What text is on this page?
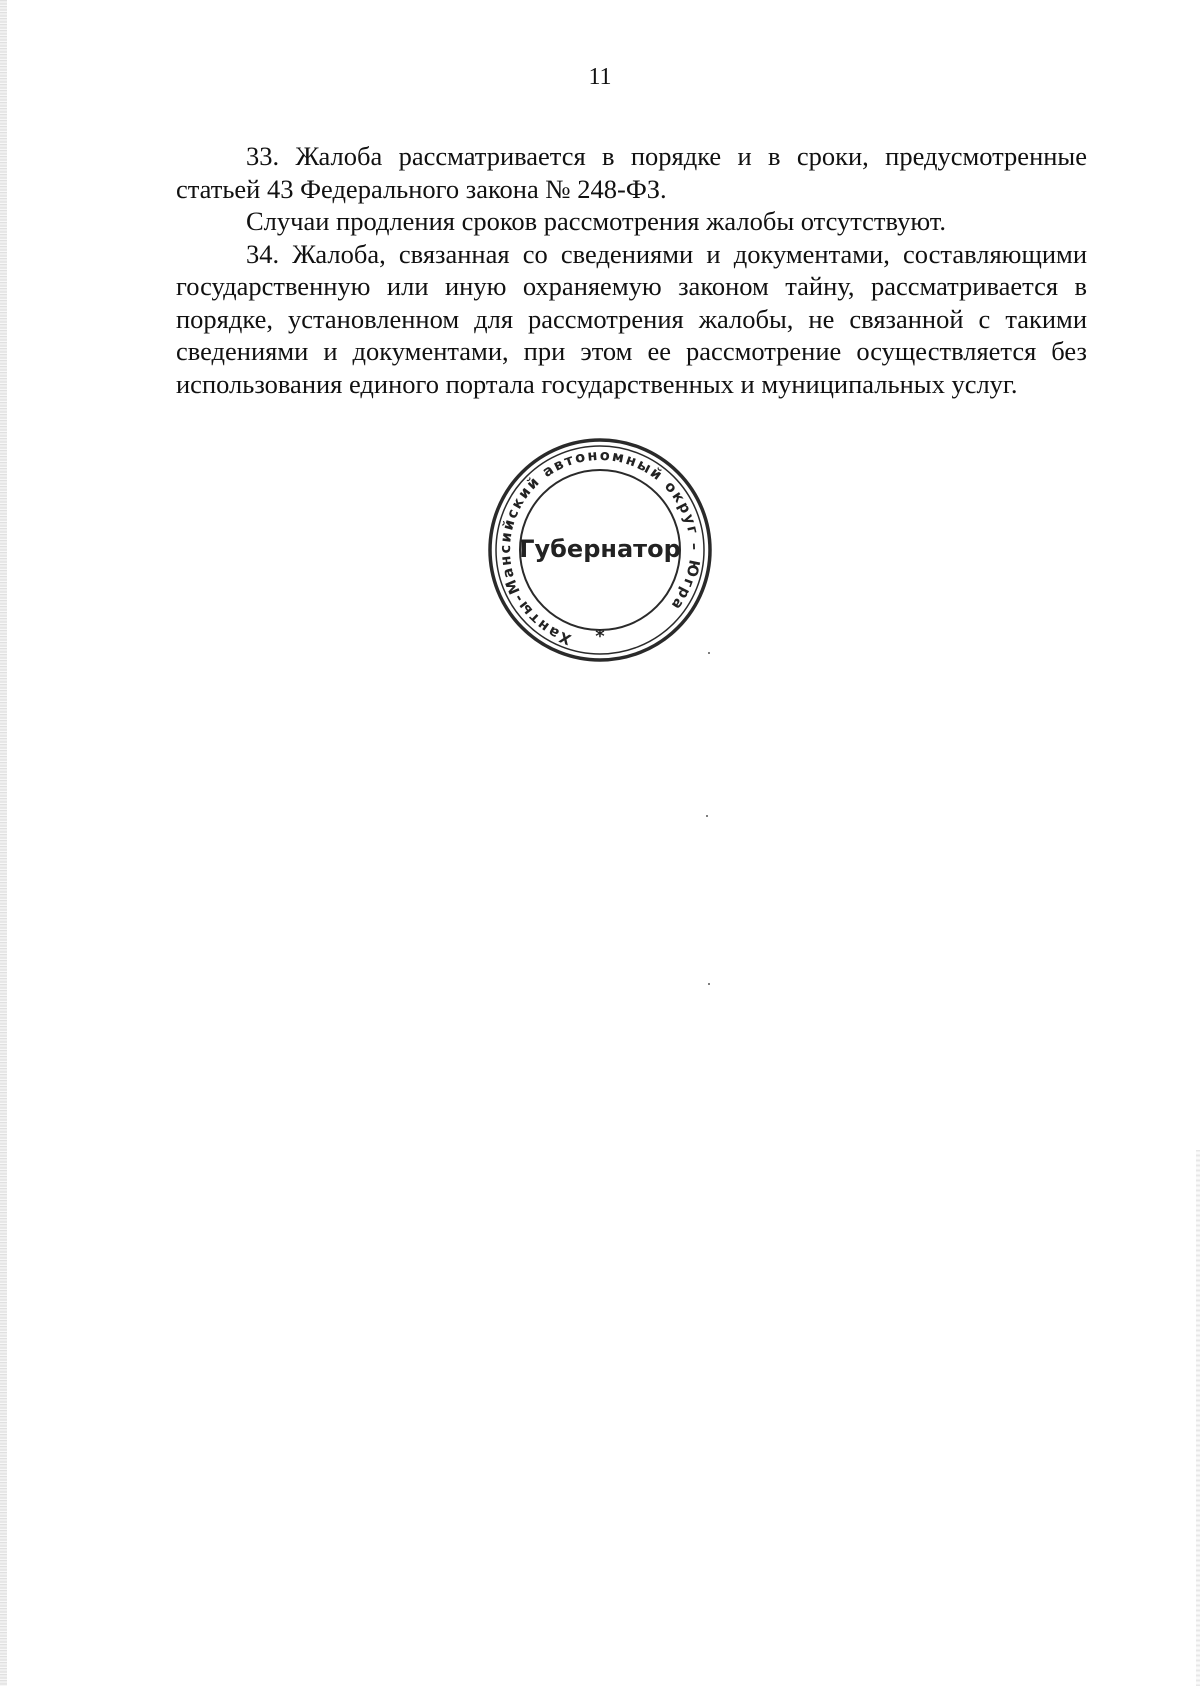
11

33. Жалоба рассматривается в порядке и в сроки, предусмотренные статьей 43 Федерального закона № 248-ФЗ.

Случаи продления сроков рассмотрения жалобы отсутствуют.

34. Жалоба, связанная со сведениями и документами, составляющими государственную или иную охраняемую законом тайну, рассматривается в порядке, установленном для рассмотрения жалобы, не связанной с такими сведениями и документами, при этом ее рассмотрение осуществляется без использования единого портала государственных и муниципальных услуг.

Ханты-Мансийский автономный округ – Югра
Губернатор
*
